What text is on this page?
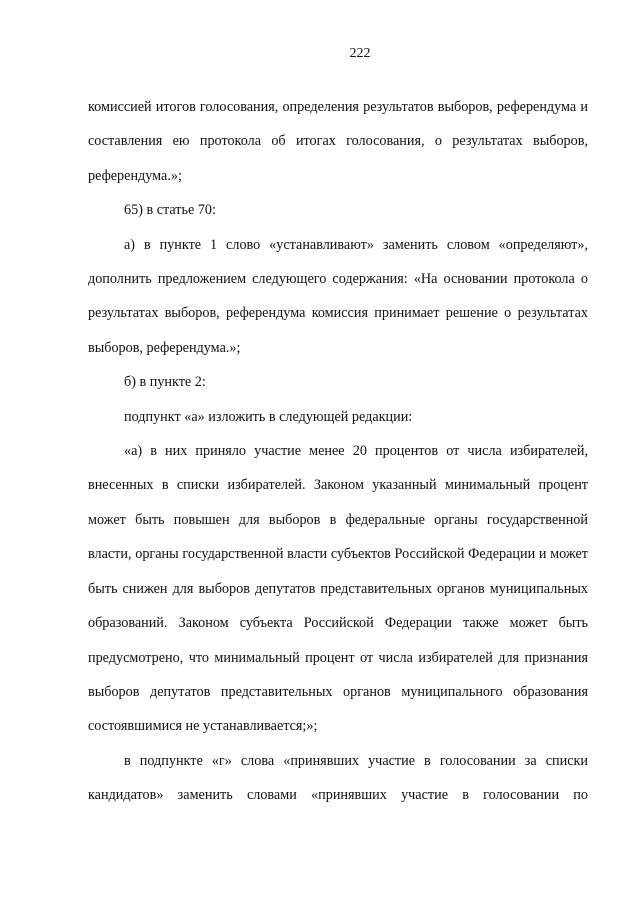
222

комиссией итогов голосования, определения результатов выборов, референдума и составления ею протокола об итогах голосования, о результатах выборов, референдума.»;

65) в статье 70:

а) в пункте 1 слово «устанавливают» заменить словом «определяют», дополнить предложением следующего содержания: «На основании протокола о результатах выборов, референдума комиссия принимает решение о результатах выборов, референдума.»;

б) в пункте 2:

подпункт «а» изложить в следующей редакции:

«а) в них приняло участие менее 20 процентов от числа избирателей, внесенных в списки избирателей. Законом указанный минимальный процент может быть повышен для выборов в федеральные органы государственной власти, органы государственной власти субъектов Российской Федерации и может быть снижен для выборов депутатов представительных органов муниципальных образований. Законом субъекта Российской Федерации также может быть предусмотрено, что минимальный процент от числа избирателей для признания выборов депутатов представительных органов муниципального образования состоявшимися не устанавливается;»;

в подпункте «г» слова «принявших участие в голосовании за списки кандидатов» заменить словами «принявших участие в голосовании по
